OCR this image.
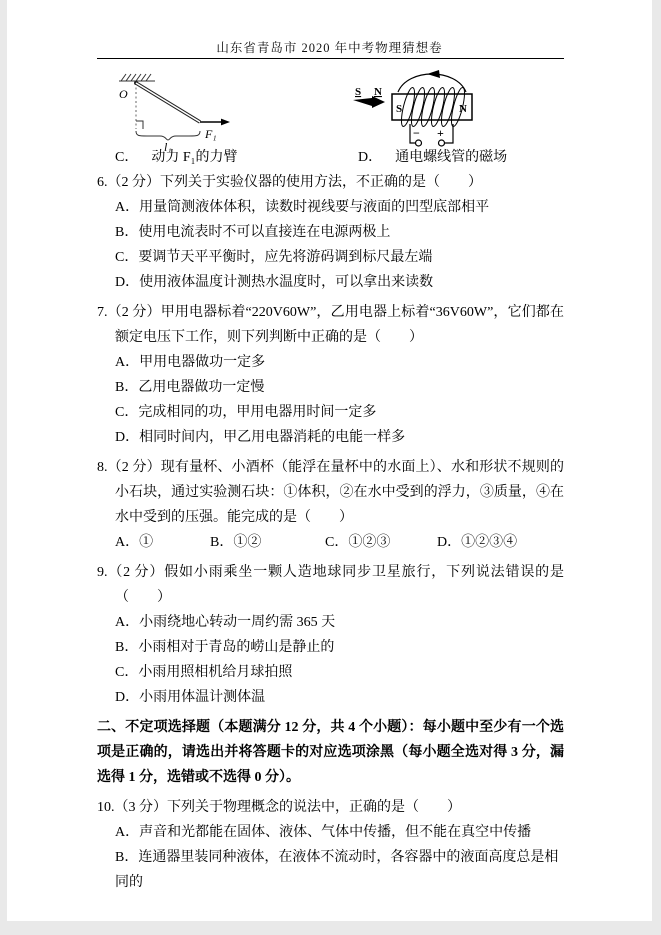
山东省青岛市 2020 年中考物理猜想卷
O
F₁
l₁
S N
S	N
− +
C． 动力 F₁的力臂	D． 通电螺线管的磁场

6.（2 分）下列关于实验仪器的使用方法，不正确的是（　　）

A．用量筒测液体体积，读数时视线要与液面的凹型底部相平

B．使用电流表时不可以直接连在电源两极上

C．要调节天平平衡时，应先将游码调到标尺最左端

D．使用液体温度计测热水温度时，可以拿出来读数

7.（2 分）甲用电器标着“220V60W”，乙用电器上标着“36V60W”，它们都在额定电压下工作，则下列判断中正确的是（　　）

A．甲用电器做功一定多

B．乙用电器做功一定慢

C．完成相同的功，甲用电器用时间一定多

D．相同时间内，甲乙用电器消耗的电能一样多

8.（2 分）现有量杯、小酒杯（能浮在量杯中的水面上）、水和形状不规则的小石块，通过实验测石块：①体积，②在水中受到的浮力，③质量，④在水中受到的压强。能完成的是（　　）

A．①	B．①②	C．①②③	D．①②③④

9.（2 分）假如小雨乘坐一颗人造地球同步卫星旅行，下列说法错误的是（　　）

A．小雨绕地心转动一周约需 365 天

B．小雨相对于青岛的崂山是静止的

C．小雨用照相机给月球拍照

D．小雨用体温计测体温

二、不定项选择题（本题满分 12 分，共 4 个小题）：每小题中至少有一个选项是正确的，请选出并将答题卡的对应选项涂黑（每小题全选对得 3 分，漏选得 1 分，选错或不选得 0 分）。

10.（3 分）下列关于物理概念的说法中，正确的是（　　）

A．声音和光都能在固体、液体、气体中传播，但不能在真空中传播

B．连通器里装同种液体，在液体不流动时，各容器中的液面高度总是相同的
